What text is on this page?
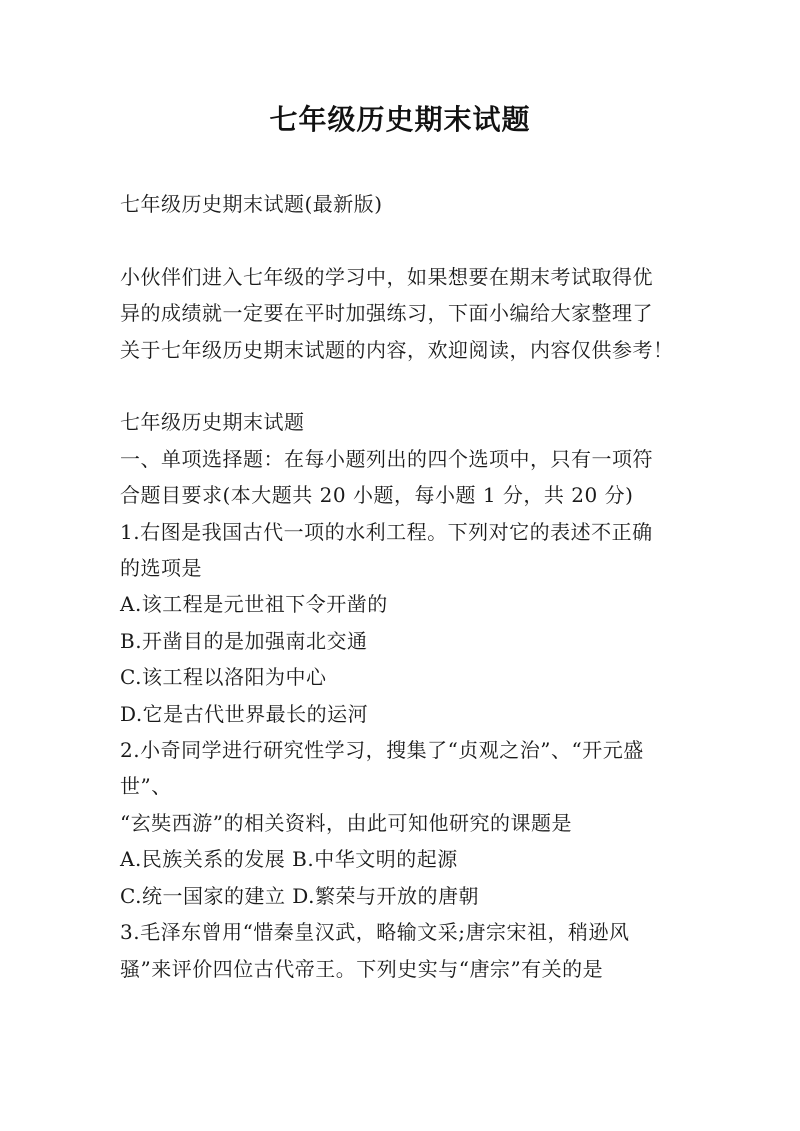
七年级历史期末试题

七年级历史期末试题(最新版)

小伙伴们进入七年级的学习中，如果想要在期末考试取得优

异的成绩就一定要在平时加强练习，下面小编给大家整理了

关于七年级历史期末试题的内容，欢迎阅读，内容仅供参考！

七年级历史期末试题

一、单项选择题：在每小题列出的四个选项中，只有一项符

合题目要求(本大题共 20 小题，每小题 1 分，共 20 分)

1.右图是我国古代一项的水利工程。下列对它的表述不正确

的选项是

A.该工程是元世祖下令开凿的

B.开凿目的是加强南北交通

C.该工程以洛阳为中心

D.它是古代世界最长的运河

2.小奇同学进行研究性学习，搜集了“贞观之治”、“开元盛

世”、

“玄奘西游”的相关资料，由此可知他研究的课题是

A.民族关系的发展 B.中华文明的起源

C.统一国家的建立 D.繁荣与开放的唐朝

3.毛泽东曾用“惜秦皇汉武，略输文采;唐宗宋祖，稍逊风

骚”来评价四位古代帝王。下列史实与“唐宗”有关的是
